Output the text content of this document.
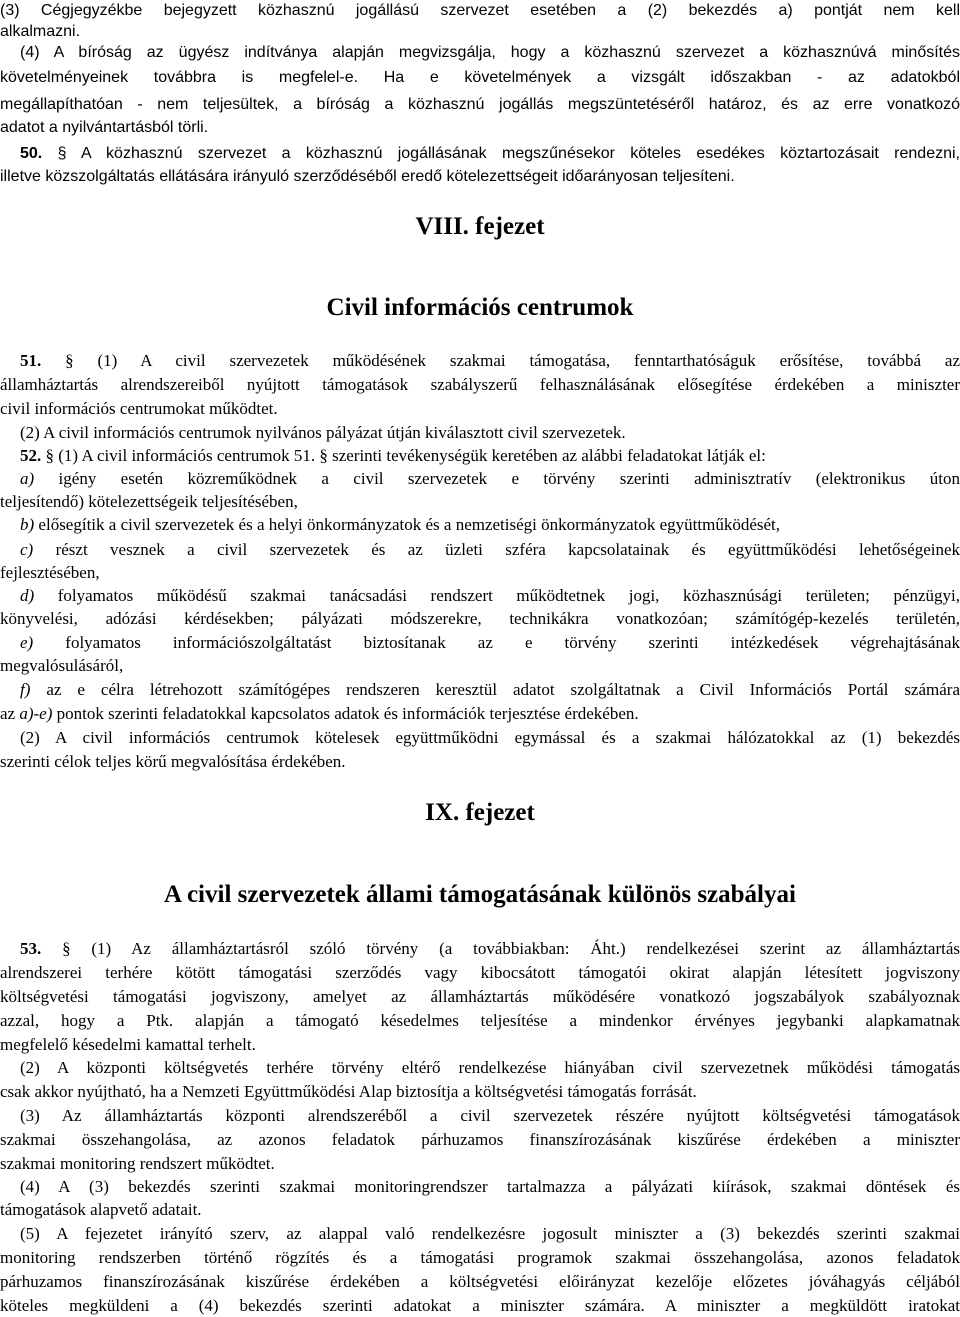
(3) Cégjegyzékbe bejegyzett közhasznú jogállású szervezet esetében a (2) bekezdés a) pontját nem kell
alkalmazni.
(4) A bíróság az ügyész indítványa alapján megvizsgálja, hogy a közhasznú szervezet a közhasznúvá minősítés
követelményeinek továbbra is megfelel-e. Ha e követelmények a vizsgált időszakban - az adatokból
megállapíthatóan - nem teljesültek, a bíróság a közhasznú jogállás megszüntetéséről határoz, és az erre vonatkozó
adatot a nyilvántartásból törli.
50. § A közhasznú szervezet a közhasznú jogállásának megszűnésekor köteles esedékes köztartozásait rendezni,
illetve közszolgáltatás ellátására irányuló szerződéséből eredő kötelezettségeit időarányosan teljesíteni.
VIII. fejezet
Civil információs centrumok
51. § (1) A civil szervezetek működésének szakmai támogatása, fenntarthatóságuk erősítése, továbbá az
államháztartás alrendszereiből nyújtott támogatások szabályszerű felhasználásának elősegítése érdekében a miniszter
civil információs centrumokat működtet.
(2) A civil információs centrumok nyilvános pályázat útján kiválasztott civil szervezetek.
52. § (1) A civil információs centrumok 51. § szerinti tevékenységük keretében az alábbi feladatokat látják el:
a) igény esetén közreműködnek a civil szervezetek e törvény szerinti adminisztratív (elektronikus úton
teljesítendő) kötelezettségeik teljesítésében,
b) elősegítik a civil szervezetek és a helyi önkormányzatok és a nemzetiségi önkormányzatok együttműködését,
c) részt vesznek a civil szervezetek és az üzleti szféra kapcsolatainak és együttműködési lehetőségeinek
fejlesztésében,
d) folyamatos működésű szakmai tanácsadási rendszert működtetnek jogi, közhasznúsági területen; pénzügyi,
könyvelési, adózási kérdésekben; pályázati módszerekre, technikákra vonatkozóan; számítógép-kezelés területén,
e) folyamatos információszolgáltatást biztosítanak az e törvény szerinti intézkedések végrehajtásának
megvalósulásáról,
f) az e célra létrehozott számítógépes rendszeren keresztül adatot szolgáltatnak a Civil Információs Portál számára
az a)-e) pontok szerinti feladatokkal kapcsolatos adatok és információk terjesztése érdekében.
(2) A civil információs centrumok kötelesek együttműködni egymással és a szakmai hálózatokkal az (1) bekezdés
szerinti célok teljes körű megvalósítása érdekében.
IX. fejezet
A civil szervezetek állami támogatásának különös szabályai
53. § (1) Az államháztartásról szóló törvény (a továbbiakban: Áht.) rendelkezései szerint az államháztartás
alrendszerei terhére kötött támogatási szerződés vagy kibocsátott támogatói okirat alapján létesített jogviszony
költségvetési támogatási jogviszony, amelyet az államháztartás működésére vonatkozó jogszabályok szabályoznak
azzal, hogy a Ptk. alapján a támogató késedelmes teljesítése a mindenkor érvényes jegybanki alapkamatnak
megfelelő késedelmi kamattal terhelt.
(2) A központi költségvetés terhére törvény eltérő rendelkezése hiányában civil szervezetnek működési támogatás
csak akkor nyújtható, ha a Nemzeti Együttműködési Alap biztosítja a költségvetési támogatás forrását.
(3) Az államháztartás központi alrendszeréből a civil szervezetek részére nyújtott költségvetési támogatások
szakmai összehangolása, az azonos feladatok párhuzamos finanszírozásának kiszűrése érdekében a miniszter
szakmai monitoring rendszert működtet.
(4) A (3) bekezdés szerinti szakmai monitoringrendszer tartalmazza a pályázati kiírások, szakmai döntések és
támogatások alapvető adatait.
(5) A fejezetet irányító szerv, az alappal való rendelkezésre jogosult miniszter a (3) bekezdés szerinti szakmai
monitoring rendszerben történő rögzítés és a támogatási programok szakmai összehangolása, azonos feladatok
párhuzamos finanszírozásának kiszűrése érdekében a költségvetési előirányzat kezelője előzetes jóváhagyás céljából
köteles megküldeni a (4) bekezdés szerinti adatokat a miniszter számára. A miniszter a megküldött iratokat
